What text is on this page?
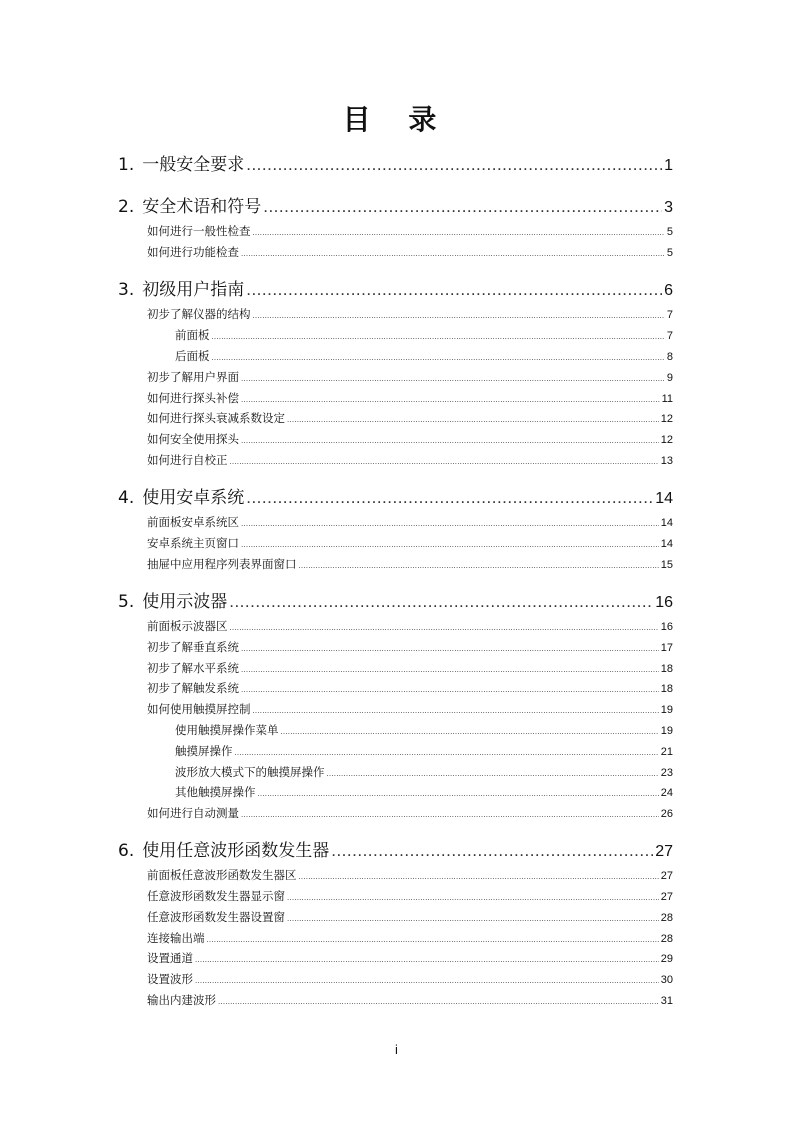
目 录
1. 一般安全要求 .....	1
2. 安全术语和符号 .....	3
如何进行一般性检查 .....	5
如何进行功能检查 .....	5
3. 初级用户指南 .....	6
初步了解仪器的结构 .....	7
前面板 .....	7
后面板 .....	8
初步了解用户界面 .....	9
如何进行探头补偿 .....	11
如何进行探头衰减系数设定 .....	12
如何安全使用探头 .....	12
如何进行自校正 .....	13
4. 使用安卓系统 .....	14
前面板安卓系统区 .....	14
安卓系统主页窗口 .....	14
抽屉中应用程序列表界面窗口 .....	15
5. 使用示波器 .....	16
前面板示波器区 .....	16
初步了解垂直系统 .....	17
初步了解水平系统 .....	18
初步了解触发系统 .....	18
如何使用触摸屏控制 .....	19
使用触摸屏操作菜单 .....	19
触摸屏操作 .....	21
波形放大模式下的触摸屏操作 .....	23
其他触摸屏操作 .....	24
如何进行自动测量 .....	26
6. 使用任意波形函数发生器 .....	27
前面板任意波形函数发生器区 .....	27
任意波形函数发生器显示窗 .....	27
任意波形函数发生器设置窗 .....	28
连接输出端 .....	28
设置通道 .....	29
设置波形 .....	30
输出内建波形 .....	31
i
